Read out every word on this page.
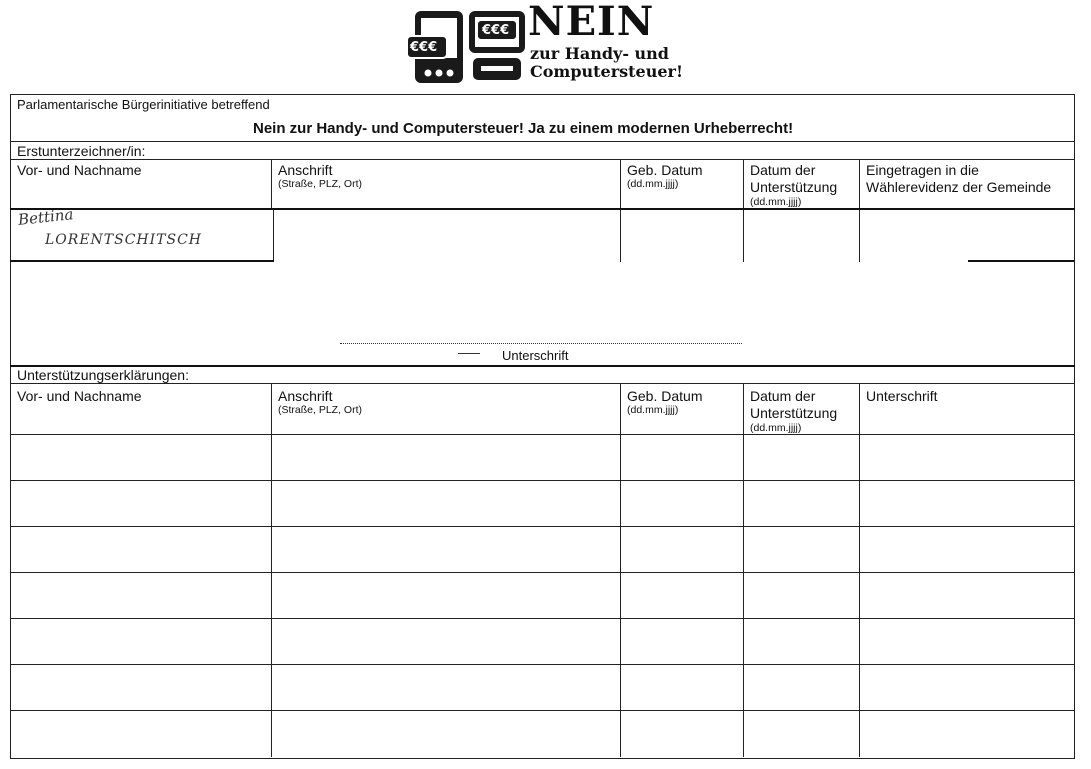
€€€
€€€ NEIN
zur Handy- und
Computersteuer!
Parlamentarische Bürgerinitiative betreffend
Nein zur Handy- und Computersteuer! Ja zu einem modernen Urheberrecht!
Erstunterzeichner/in:
Vor- und Nachname	Anschrift
(Straße, PLZ, Ort)
Geb. Datum
(dd.mm.jjjj)
Datum der
Unterstützung
(dd.mm.jjjj)
Eingetragen in die
Wählerevidenz der Gemeinde
Bettina
LORENTSCHITSCH
Unterschrift
Unterstützungserklärungen:
Vor- und Nachname	Anschrift
(Straße, PLZ, Ort)
Geb. Datum
(dd.mm.jjjj)
Datum der
Unterstützung
(dd.mm.jjjj)
Unterschrift
